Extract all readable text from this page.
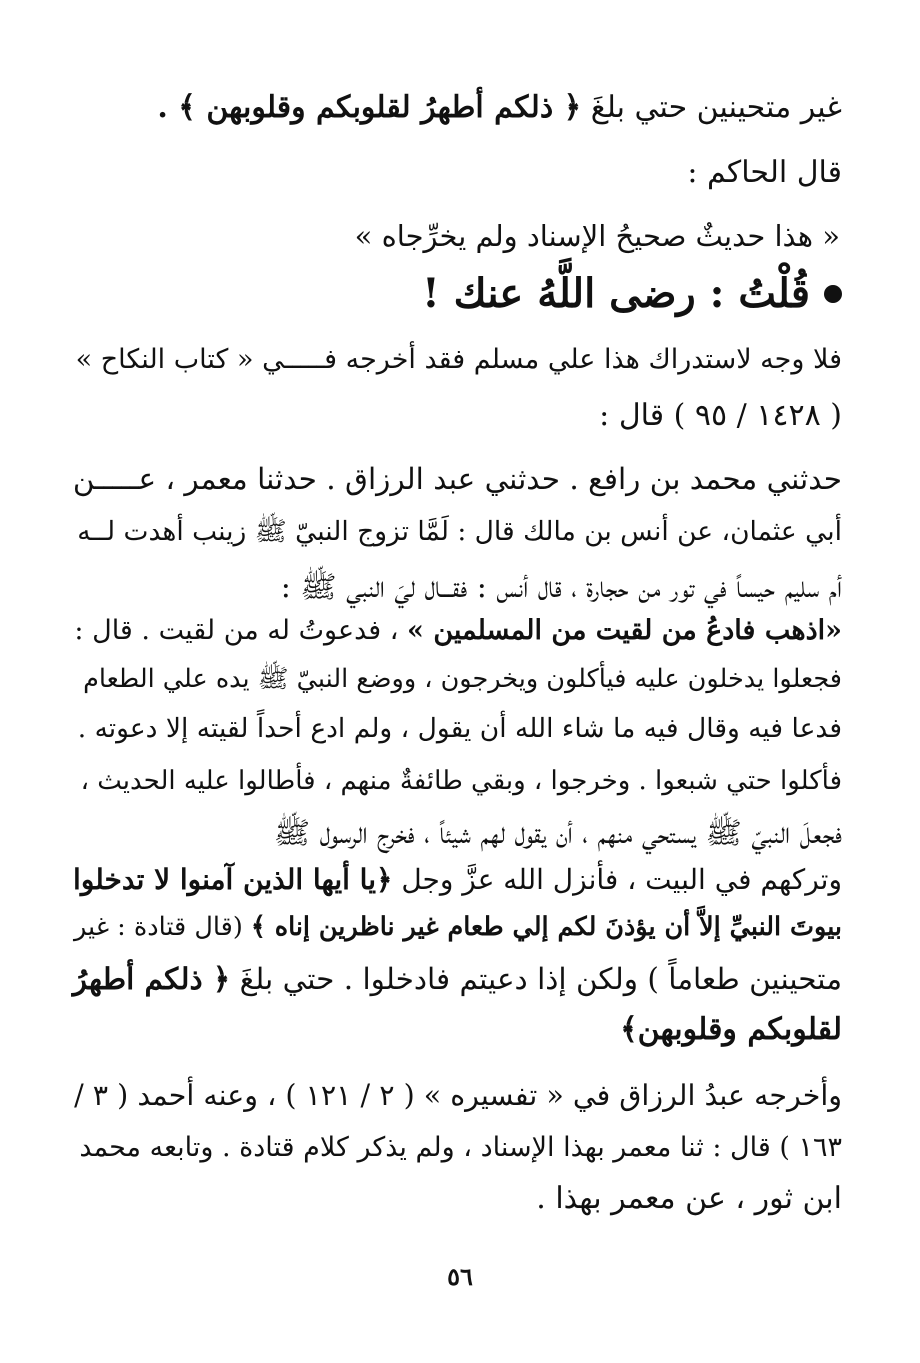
غير متحينين حتي بلغَ ﴿ ذلكم أطهرُ لقلوبكم وقلوبهن ﴾ .

قال الحاكم :

« هذا حديثٌ صحيحُ الإسناد ولم يخرِّجاه »

قُلْتُ : رضى اللَّهُ عنك !

فلا وجه لاستدراك هذا علي مسلم فقد أخرجه فـــــي « كتاب النكاح »

( ١٤٢٨ / ٩٥ ) قال :

حدثني محمد بن رافع . حدثني عبد الرزاق . حدثنا معمر ، عـــــن

أبي عثمان، عن أنس بن مالك قال : لَمَّا تزوج النبيّ ﷺ زينب أهدت لــه

أم سليم حيساً في تور من حجارة ، قال أنس : فقـــال ليَ النبي ﷺ :

«اذهب فادعُ من لقيت من المسلمين » ، فدعوتُ له من لقيت . قال :

فجعلوا يدخلون عليه فيأكلون ويخرجون ، ووضع النبيّ ﷺ يده علي الطعام

فدعا فيه وقال فيه ما شاء الله أن يقول ، ولم ادع أحداً لقيته إلا دعوته .

فأكلوا حتي شبعوا . وخرجوا ، وبقي طائفةٌ منهم ، فأطالوا عليه الحديث ،

فجعلَ النبيّ ﷺ يستحي منهم ، أن يقول لهم شيئاً ، فخرج الرسول ﷺ

وتركهم في البيت ، فأنزل الله عزَّ وجل ﴿يا أيها الذين آمنوا لا تدخلوا

بيوتَ النبيِّ إلاَّ أن يؤذنَ لكم إلي طعام غير ناظرين إناه ﴾ (قال قتادة : غير

متحينين طعاماً ) ولكن إذا دعيتم فادخلوا . حتي بلغَ ﴿ ذلكم أطهرُ

لقلوبكم وقلوبهن﴾

وأخرجه عبدُ الرزاق في « تفسيره » ( ٢ / ١٢١ ) ، وعنه أحمد ( ٣ /

١٦٣ ) قال : ثنا معمر بهذا الإسناد ، ولم يذكر كلام قتادة . وتابعه محمد

ابن ثور ، عن معمر بهذا .

٥٦
